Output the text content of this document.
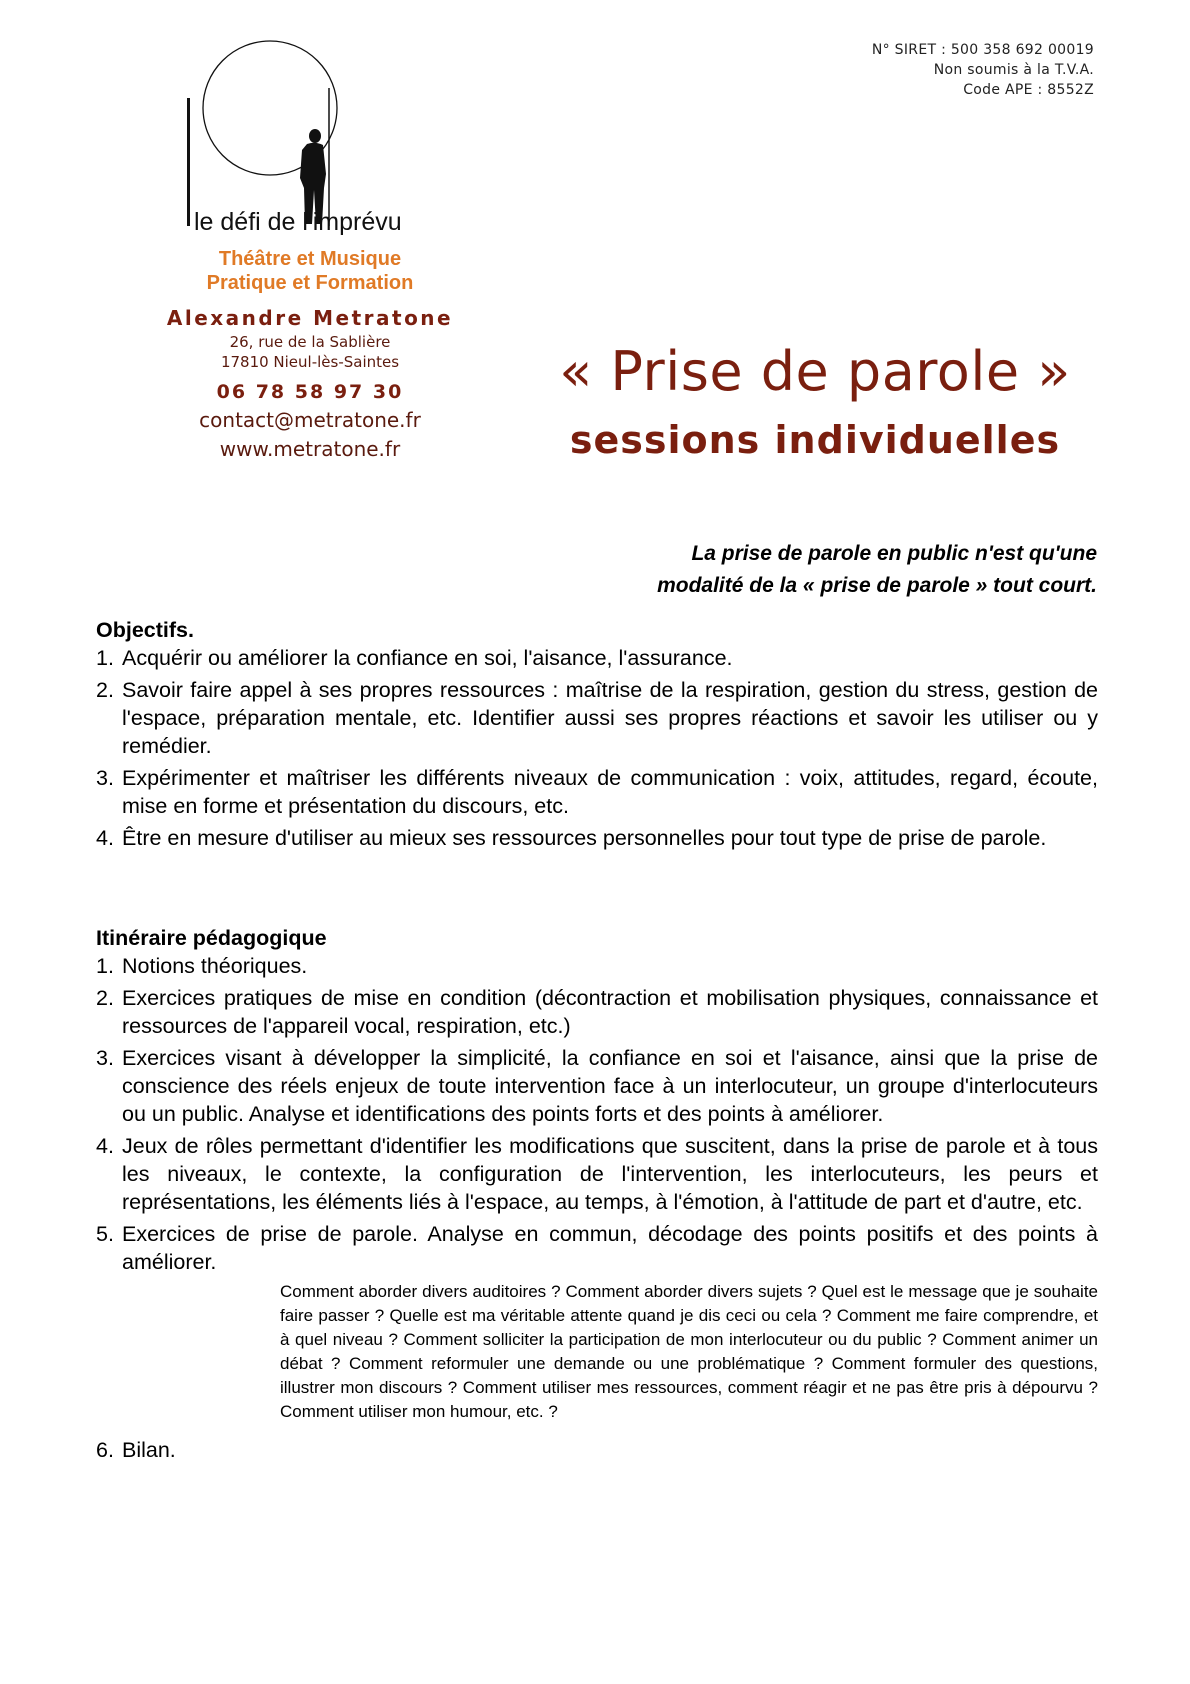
N° SIRET : 500 358 692 00019
Non soumis à la T.V.A.
Code APE : 8552Z
le défi de l'imprévu
Théâtre et Musique
Pratique et Formation
Alexandre Metratone
26, rue de la Sablière
17810 Nieul-lès-Saintes
06 78 58 97 30
contact@metratone.fr
www.metratone.fr
« Prise de parole »
sessions individuelles
La prise de parole en public n'est qu'une
modalité de la « prise de parole » tout court.

Objectifs.

1. Acquérir ou améliorer la confiance en soi, l'aisance, l'assurance.
2. Savoir faire appel à ses propres ressources : maîtrise de la respiration, gestion du stress, gestion de l'espace, préparation mentale, etc. Identifier aussi ses propres réactions et savoir les utiliser ou y remédier.
3. Expérimenter et maîtriser les différents niveaux de communication : voix, attitudes, regard, écoute, mise en forme et présentation du discours, etc.
4. Être en mesure d'utiliser au mieux ses ressources personnelles pour tout type de prise de parole.

Itinéraire pédagogique

1. Notions théoriques.
2. Exercices pratiques de mise en condition (décontraction et mobilisation physiques, connaissance et ressources de l'appareil vocal, respiration, etc.)
3. Exercices visant à développer la simplicité, la confiance en soi et l'aisance, ainsi que la prise de conscience des réels enjeux de toute intervention face à un interlocuteur, un groupe d'interlocuteurs ou un public. Analyse et identifications des points forts et des points à améliorer.
4. Jeux de rôles permettant d'identifier les modifications que suscitent, dans la prise de parole et à tous les niveaux, le contexte, la configuration de l'intervention, les interlocuteurs, les peurs et représentations, les éléments liés à l'espace, au temps, à l'émotion, à l'attitude de part et d'autre, etc.
5. Exercices de prise de parole. Analyse en commun, décodage des points positifs et des points à améliorer.
Comment aborder divers auditoires ? Comment aborder divers sujets ? Quel est le message que je souhaite faire passer ? Quelle est ma véritable attente quand je dis ceci ou cela ? Comment me faire comprendre, et à quel niveau ? Comment solliciter la participation de mon interlocuteur ou du public ? Comment animer un débat ? Comment reformuler une demande ou une problématique ? Comment formuler des questions, illustrer mon discours ? Comment utiliser mes ressources, comment réagir et ne pas être pris à dépourvu ? Comment utiliser mon humour, etc. ?
6. Bilan.
